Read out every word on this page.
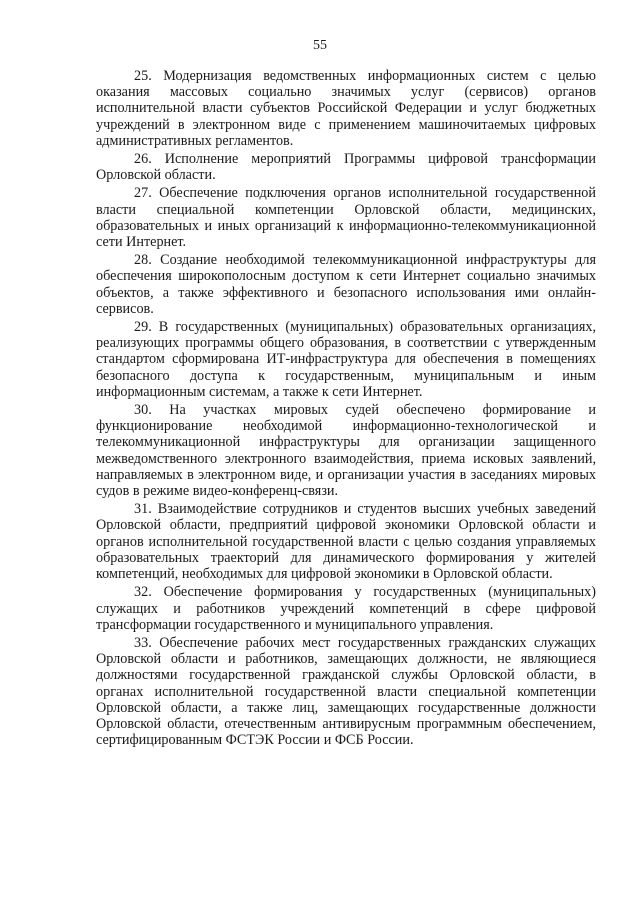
55

25. Модернизация ведомственных информационных систем с целью оказания массовых социально значимых услуг (сервисов) органов исполнительной власти субъектов Российской Федерации и услуг бюджетных учреждений в электронном виде с применением машиночитаемых цифровых административных регламентов.

26. Исполнение мероприятий Программы цифровой трансформации Орловской области.

27. Обеспечение подключения органов исполнительной государственной власти специальной компетенции Орловской области, медицинских, образовательных и иных организаций к информационно-телекоммуникационной сети Интернет.

28. Создание необходимой телекоммуникационной инфраструктуры для обеспечения широкополосным доступом к сети Интернет социально значимых объектов, а также эффективного и безопасного использования ими онлайн-сервисов.

29. В государственных (муниципальных) образовательных организациях, реализующих программы общего образования, в соответствии с утвержденным стандартом сформирована ИТ-инфраструктура для обеспечения в помещениях безопасного доступа к государственным, муниципальным и иным информационным системам, а также к сети Интернет.

30. На участках мировых судей обеспечено формирование и функционирование необходимой информационно-технологической и телекоммуникационной инфраструктуры для организации защищенного межведомственного электронного взаимодействия, приема исковых заявлений, направляемых в электронном виде, и организации участия в заседаниях мировых судов в режиме видео-конференц-связи.

31. Взаимодействие сотрудников и студентов высших учебных заведений Орловской области, предприятий цифровой экономики Орловской области и органов исполнительной государственной власти с целью создания управляемых образовательных траекторий для динамического формирования у жителей компетенций, необходимых для цифровой экономики в Орловской области.

32. Обеспечение формирования у государственных (муниципальных) служащих и работников учреждений компетенций в сфере цифровой трансформации государственного и муниципального управления.

33. Обеспечение рабочих мест государственных гражданских служащих Орловской области и работников, замещающих должности, не являющиеся должностями государственной гражданской службы Орловской области, в органах исполнительной государственной власти специальной компетенции Орловской области, а также лиц, замещающих государственные должности Орловской области, отечественным антивирусным программным обеспечением, сертифицированным ФСТЭК России и ФСБ России.
